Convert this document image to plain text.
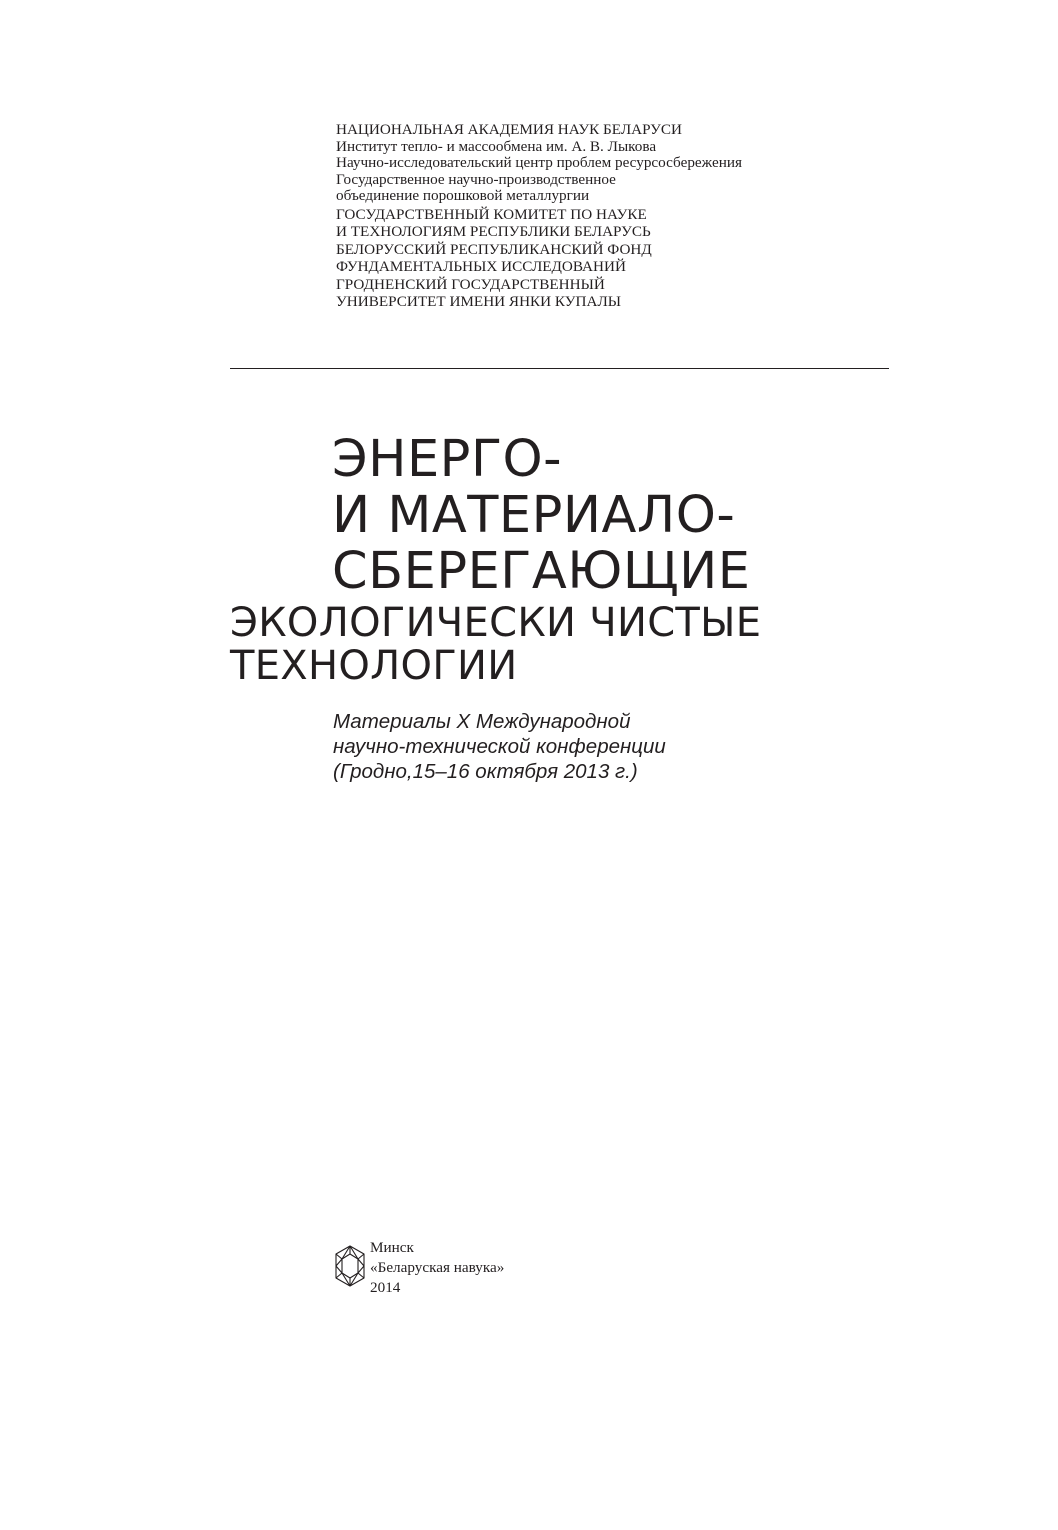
НАЦИОНАЛЬНАЯ АКАДЕМИЯ НАУК БЕЛАРУСИ
Институт тепло- и массообмена им. А. В. Лыкова
Научно-исследовательский центр проблем ресурсосбережения
Государственное научно-производственное
объединение порошковой металлургии
ГОСУДАРСТВЕННЫЙ КОМИТЕТ ПО НАУКЕ
И ТЕХНОЛОГИЯМ РЕСПУБЛИКИ БЕЛАРУСЬ
БЕЛОРУССКИЙ РЕСПУБЛИКАНСКИЙ ФОНД
ФУНДАМЕНТАЛЬНЫХ ИССЛЕДОВАНИЙ
ГРОДНЕНСКИЙ ГОСУДАРСТВЕННЫЙ
УНИВЕРСИТЕТ ИМЕНИ ЯНКИ КУПАЛЫ
ЭНЕРГО-
И МАТЕРИАЛО-
СБЕРЕГАЮЩИЕ
ЭКОЛОГИЧЕСКИ ЧИСТЫЕ
ТЕХНОЛОГИИ
Материалы X Международной
научно-технической конференции
(Гродно,15–16 октября 2013 г.)
Минск
«Беларуская навука»
2014
